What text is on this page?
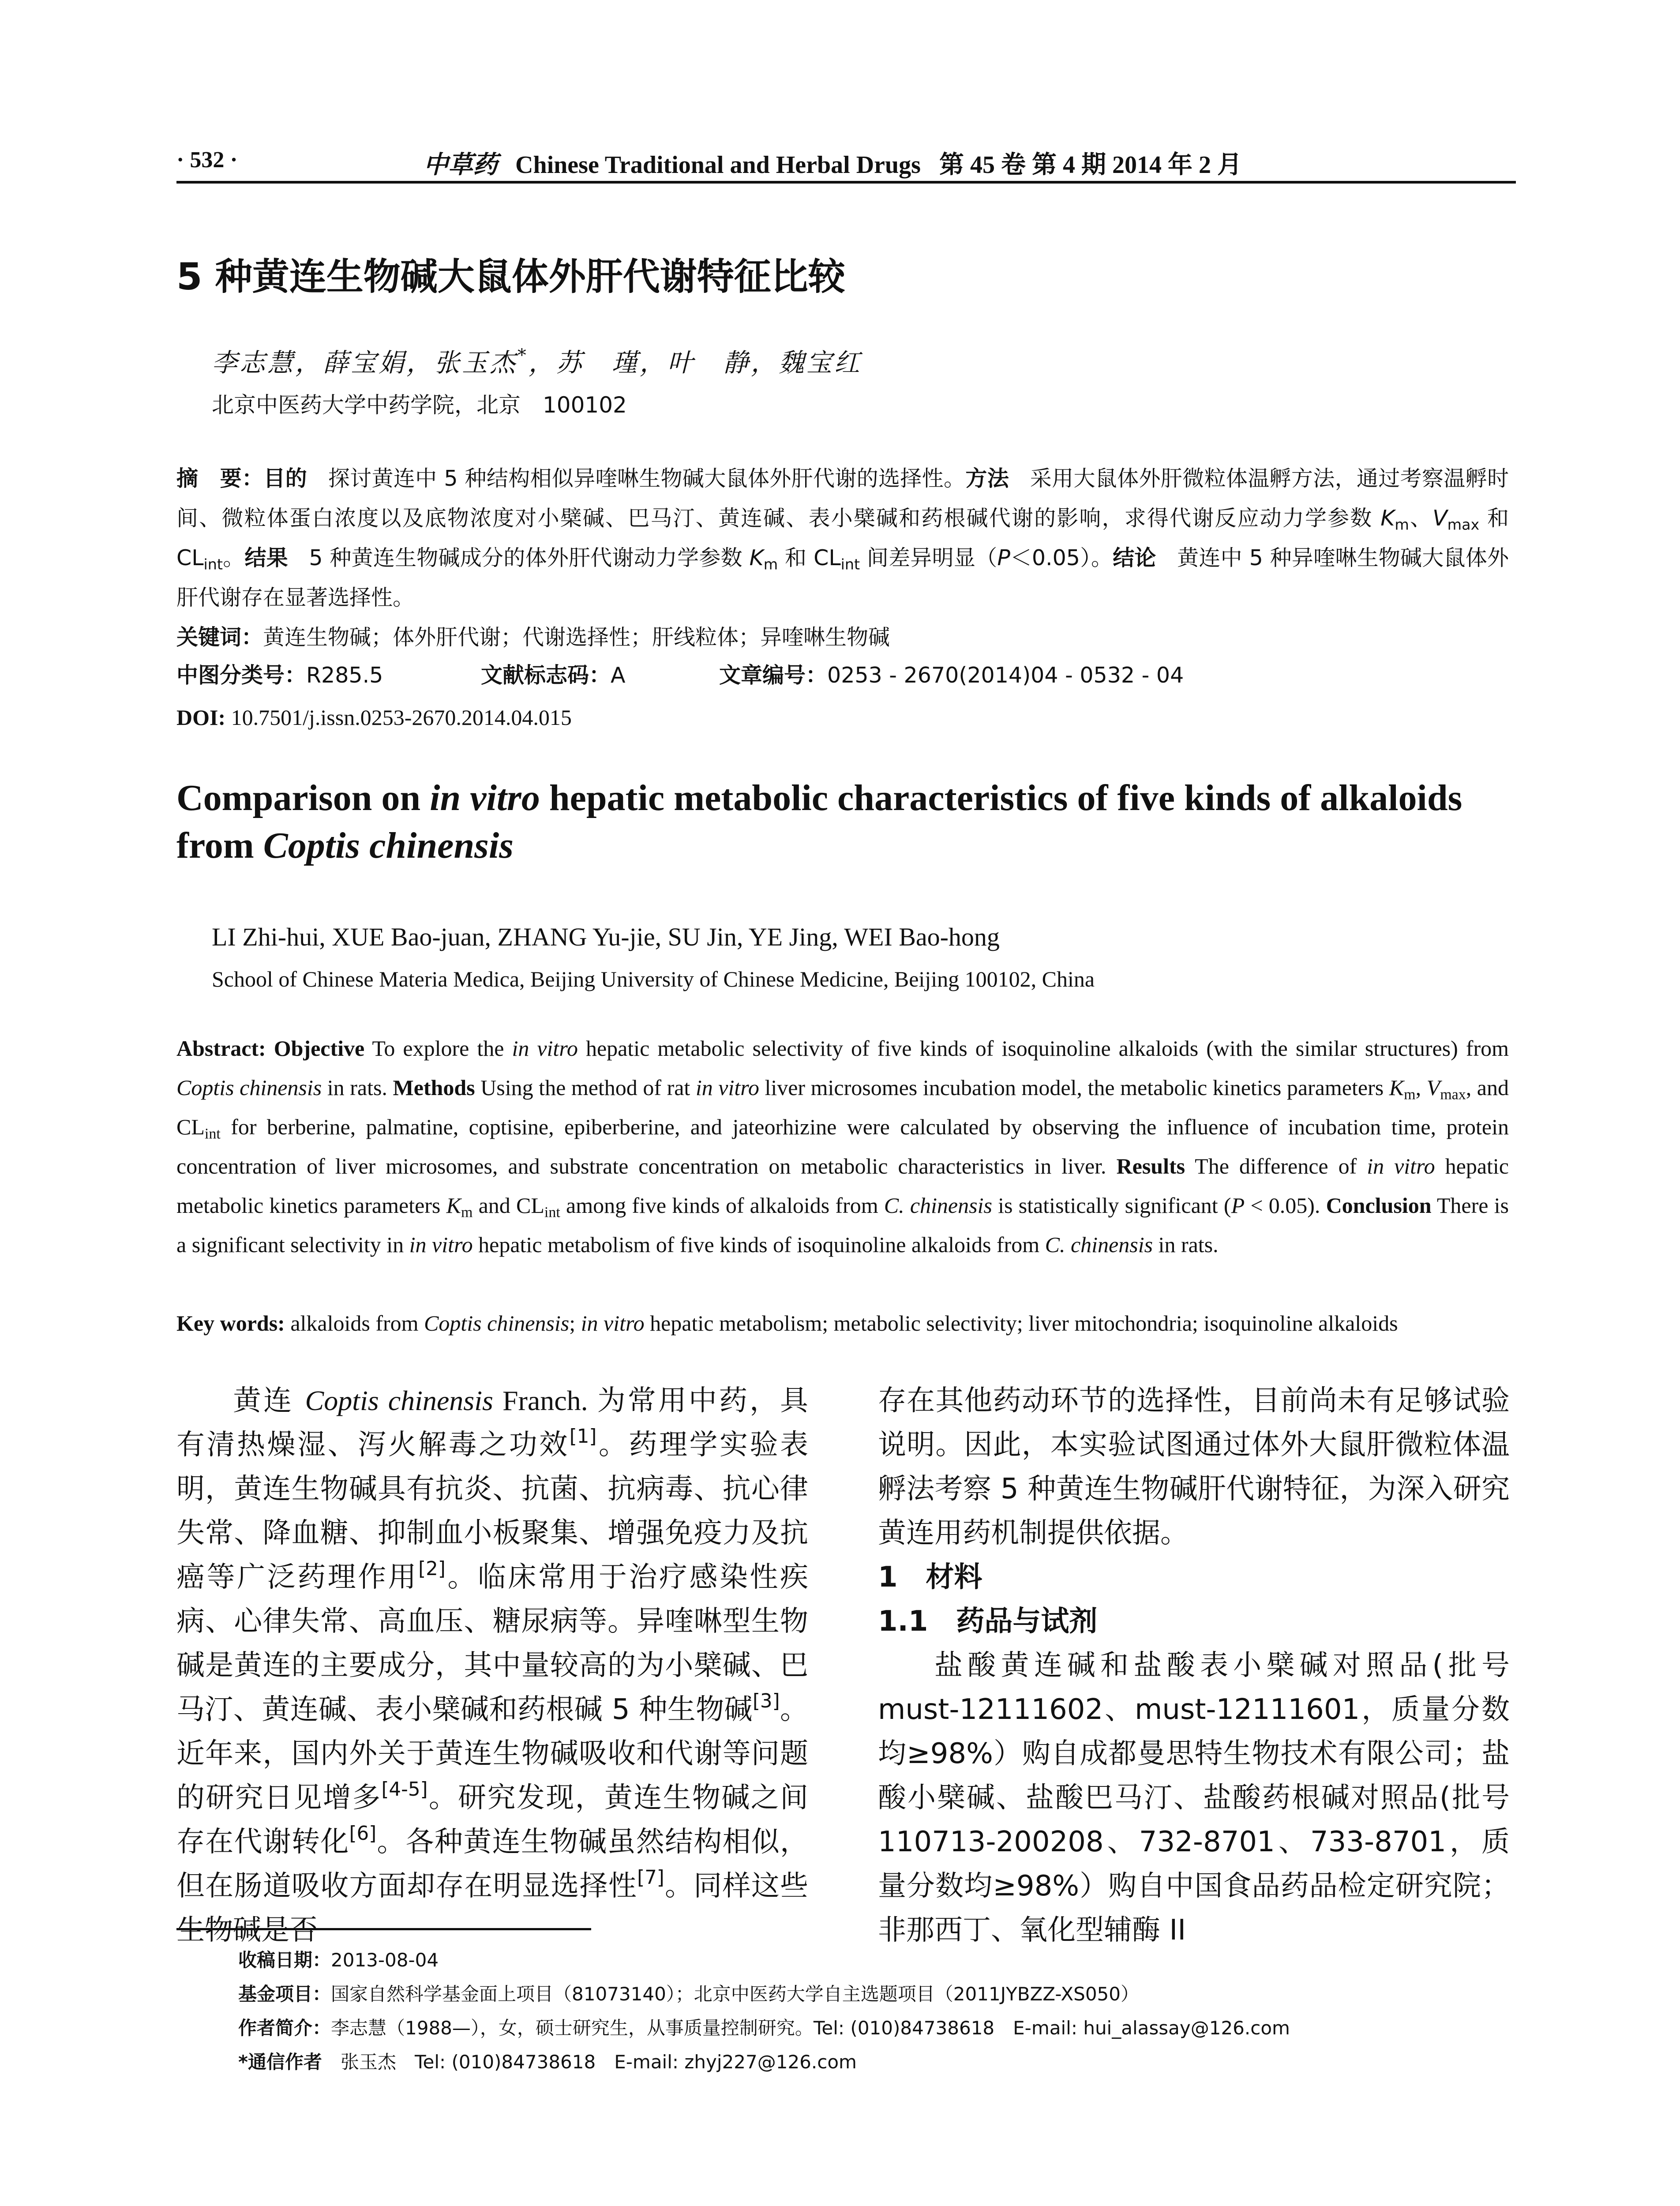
· 532 ·	中草药 Chinese Traditional and Herbal Drugs 第 45 卷 第 4 期 2014 年 2 月
5 种黄连生物碱大鼠体外肝代谢特征比较
李志慧，薛宝娟，张玉杰*，苏　瑾，叶　静，魏宝红
北京中医药大学中药学院，北京　100102
摘　要：目的 探讨黄连中 5 种结构相似异喹啉生物碱大鼠体外肝代谢的选择性。方法 采用大鼠体外肝微粒体温孵方法，通过考察温孵时间、微粒体蛋白浓度以及底物浓度对小檗碱、巴马汀、黄连碱、表小檗碱和药根碱代谢的影响，求得代谢反应动力学参数 $K_m$、$V_{max}$ 和 $CL_{int}$。结果 5 种黄连生物碱成分的体外肝代谢动力学参数 $K_m$ 和 $CL_{int}$ 间差异明显（P＜0.05）。结论 黄连中 5 种异喹啉生物碱大鼠体外肝代谢存在显著选择性。
关键词：黄连生物碱；体外肝代谢；代谢选择性；肝线粒体；异喹啉生物碱
中图分类号：R285.5	文献标志码：A	文章编号：0253 - 2670(2014)04 - 0532 - 04
DOI: 10.7501/j.issn.0253-2670.2014.04.015
Comparison on in vitro hepatic metabolic characteristics of five kinds of alkaloids from Coptis chinensis
LI Zhi-hui, XUE Bao-juan, ZHANG Yu-jie, SU Jin, YE Jing, WEI Bao-hong
School of Chinese Materia Medica, Beijing University of Chinese Medicine, Beijing 100102, China
Abstract: Objective To explore the in vitro hepatic metabolic selectivity of five kinds of isoquinoline alkaloids (with the similar structures) from Coptis chinensis in rats. Methods Using the method of rat in vitro liver microsomes incubation model, the metabolic kinetics parameters $K_m$, $V_{max}$, and $CL_{int}$ for berberine, palmatine, coptisine, epiberberine, and jateorhizine were calculated by observing the influence of incubation time, protein concentration of liver microsomes, and substrate concentration on metabolic characteristics in liver. Results The difference of in vitro hepatic metabolic kinetics parameters $K_m$ and $CL_{int}$ among five kinds of alkaloids from C. chinensis is statistically significant (P < 0.05). Conclusion There is a significant selectivity in in vitro hepatic metabolism of five kinds of isoquinoline alkaloids from C. chinensis in rats.
Key words: alkaloids from Coptis chinensis; in vitro hepatic metabolism; metabolic selectivity; liver mitochondria; isoquinoline alkaloids

黄连 Coptis chinensis Franch. 为常用中药，具有清热燥湿、泻火解毒之功效[1]。药理学实验表明，黄连生物碱具有抗炎、抗菌、抗病毒、抗心律失常、降血糖、抑制血小板聚集、增强免疫力及抗癌等广泛药理作用[2]。临床常用于治疗感染性疾病、心律失常、高血压、糖尿病等。异喹啉型生物碱是黄连的主要成分，其中量较高的为小檗碱、巴马汀、黄连碱、表小檗碱和药根碱 5 种生物碱[3]。近年来，国内外关于黄连生物碱吸收和代谢等问题的研究日见增多[4-5]。研究发现，黄连生物碱之间存在代谢转化[6]。各种黄连生物碱虽然结构相似，但在肠道吸收方面却存在明显选择性[7]。同样这些生物碱是否

存在其他药动环节的选择性，目前尚未有足够试验说明。因此，本实验试图通过体外大鼠肝微粒体温孵法考察 5 种黄连生物碱肝代谢特征，为深入研究黄连用药机制提供依据。

1　 材料

1.1　 药品与试剂

盐酸黄连碱和盐酸表小檗碱对照品(批号 must-12111602、must-12111601，质量分数均≥98%）购自成都曼思特生物技术有限公司；盐酸小檗碱、盐酸巴马汀、盐酸药根碱对照品(批号 110713-200208、732-8701、733-8701，质量分数均≥98%）购自中国食品药品检定研究院；非那西丁、氧化型辅酶 II

收稿日期：2013-08-04
基金项目：国家自然科学基金面上项目（81073140）；北京中医药大学自主选题项目（2011JYBZZ-XS050）
作者简介：李志慧（1988—），女，硕士研究生，从事质量控制研究。Tel: (010)84738618　E-mail: hui_alassay@126.com
*通信作者　张玉杰　Tel: (010)84738618　E-mail: zhyj227@126.com
